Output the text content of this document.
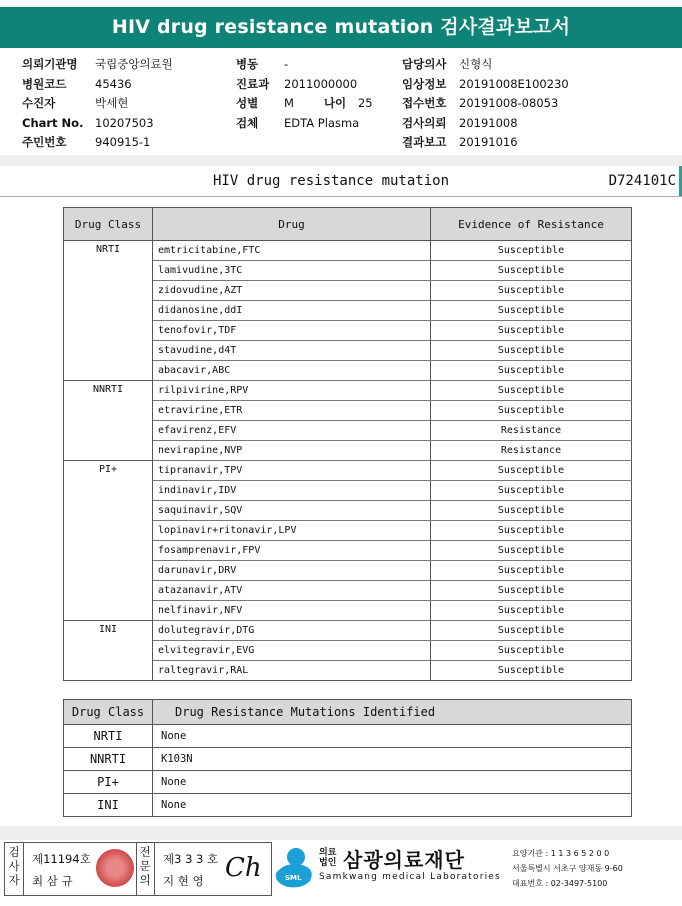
HIV drug resistance mutation 검사결과보고서
의뢰기관명 국립중앙의료원
병원코드 45436
수진자	박세현
Chart No. 10207503
주민번호 940915-1
병동 -
진료과 2011000000
성별 M	나이 25
검체 EDTA Plasma
담당의사 신형식
임상정보 20191008E100230
접수번호 20191008-08053
검사의뢰 20191008
결과보고 20191016
HIV drug resistance mutation	D724101C
Drug Class	Drug	Evidence of Resistance
NRTI	emtricitabine,FTC	Susceptible
	lamivudine,3TC	Susceptible
	zidovudine,AZT	Susceptible
	didanosine,ddI	Susceptible
	tenofovir,TDF	Susceptible
	stavudine,d4T	Susceptible
	abacavir,ABC	Susceptible
NNRTI	rilpivirine,RPV	Susceptible
	etravirine,ETR	Susceptible
	efavirenz,EFV	Resistance
	nevirapine,NVP	Resistance
PI+	tipranavir,TPV	Susceptible
	indinavir,IDV	Susceptible
	saquinavir,SQV	Susceptible
	lopinavir+ritonavir,LPV	Susceptible
	fosamprenavir,FPV	Susceptible
	darunavir,DRV	Susceptible
	atazanavir,ATV	Susceptible
	nelfinavir,NFV	Susceptible
INI	dolutegravir,DTG	Susceptible
	elvitegravir,EVG	Susceptible
	raltegravir,RAL	Susceptible
Drug Class	Drug Resistance Mutations Identified
NRTI	None
NNRTI	K103N
PI+	None
INI	None
검
사
자
제11194호
최 삼 규
전
문
의
제3 3 3 호
지 현 영 Ch	SML
의료법인 삼광의료재단
Samkwang medical Laboratories
요양기관 : 1 1 3 6 5 2 0 0
서울특별시 서초구 양재동 9-60
대표번호 : 02-3497-5100
